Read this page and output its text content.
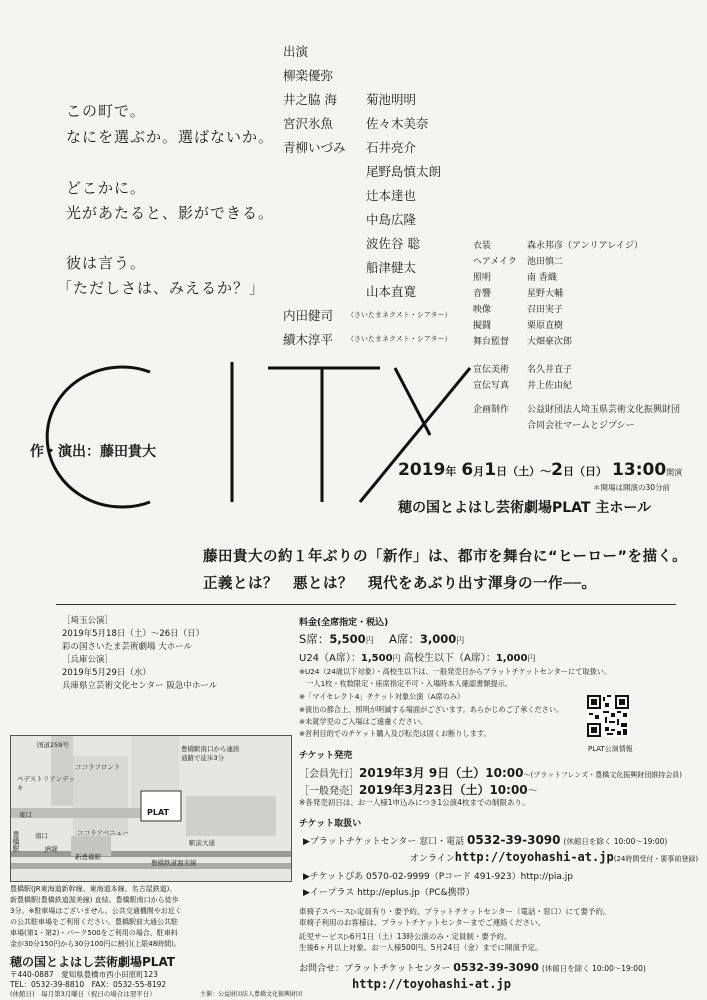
この町で。
なにを選ぶか。選ばないか。
どこかに。
光があたると、影ができる。
彼は言う。
「ただしさは、みえるか？」
出演
柳楽優弥
井之脇 海
宮沢氷魚
青柳いづみ
菊池明明
佐々木美奈
石井亮介
尾野島慎太朗
辻本達也
中島広隆
波佐谷 聡
船津健太
山本直寛
内田健司 （さいたまネクスト・シアター）
續木淳平 （さいたまネクスト・シアター）
衣装	森永邦彦（アンリアレイジ）
ヘアメイク 池田慎二
照明	南 香織
音響	星野大輔
映像	召田実子
擬闘	栗原直樹
舞台監督 大畑豪次郎
宣伝美術 名久井直子
宣伝写真 井上佐由紀
企画制作 公益財団法人埼玉県芸術文化振興財団
合同会社マームとジプシー
作・演出：藤田貴大
2019年 6月1日（土）〜2日（日） 13:00開演
＊開場は開演の30分前
穂の国とよはし芸術劇場PLAT 主ホール
藤田貴大の約１年ぶりの「新作」は、都市を舞台に“ヒーロー”を描く。
正義とは？　悪とは？　現代をあぶり出す渾身の一作──。
［埼玉公演］
2019年5月18日（土）〜26日（日）
彩の国さいたま芸術劇場 大ホール
［兵庫公演］
2019年5月29日（水）
兵庫県立芸術文化センター 阪急中ホール
料金(全席指定・税込)
S席：5,500円 A席：3,000円
U24（A席）：1,500円 高校生以下（A席）：1,000円
※U24（24歳以下対象）・高校生以下は、一般発売日からプラットチケットセンターにて取扱い。
　一人1枚・枚数限定・座席指定不可・入場時本人確認書類提示。
※「マイセレクト4」チケット対象公演（A席のみ）
※演出の都合上、照明が明滅する場面がございます。あらかじめご了承ください。
※未就学児のご入場はご遠慮ください。
※営利目的でのチケット購入及び転売は固くお断りします。
PLAT公演情報
チケット発売
［会員先行］2019年3月 9日（土）10:00〜(プラットフレンズ・豊橋文化振興財団維持会員)
［一般発売］2019年3月23日（土）10:00〜
※各発売初日は、お一人様1申込みにつき1公演4枚までの制限あり。
チケット取扱い
▶プラットチケットセンター 窓口・電話 0532-39-3090 (休館日を除く 10:00〜19:00)
オンラインhttp://toyohashi-at.jp(24時間受付・要事前登録)
▶チケットぴあ 0570-02-9999（Pコード 491-923）http://pia.jp
▶イープラス http://eplus.jp（PC&携帯）
車椅子スペース▷定員有り・要予約。プラットチケットセンター（電話・窓口）にて要予約。
車椅子利用のお客様は、プラットチケットセンターまでご連絡ください。
託児サービス▷6月1日（土）13時公演のみ・定員制・要予約。
生後6ヶ月以上対象。お一人様500円。5月24日（金）までに開演予定。
お問合せ：プラットチケットセンター 0532-39-3090 (休館日を除く 10:00〜19:00)
http://toyohashi-at.jp
豊橋駅
ペデストリアンデッキ
ココラフロント
東口
南口	ココラアベニュー
JR線
新豊橋駅
豊橋鉄道渥美線
PLAT
豊橋駅南口から連絡通路で徒歩3分
駅前大通
国道259号
豊橋駅(JR東海道新幹線、東海道本線、名古屋鉄道)、
新豊橋駅(豊橋鉄道渥美線) 直結。豊橋駅南口から徒歩
3分。※駐車場はございません。公共交通機関やお近く
の公共駐車場をご利用ください。豊橋駅前大通公共駐
車場(第1・第2)・パーク500をご利用の場合、駐車料
金が30分150円から30分100円に割引(上限48時間)。
穂の国とよはし芸術劇場PLAT
〒440-0887　愛知県豊橋市西小田原町123
TEL：0532-39-8810　FAX：0532-55-8192
(休館日)　毎月第3月曜日（祝日の場合は翌平日）	主催：公益財団法人豊橋文化振興財団
